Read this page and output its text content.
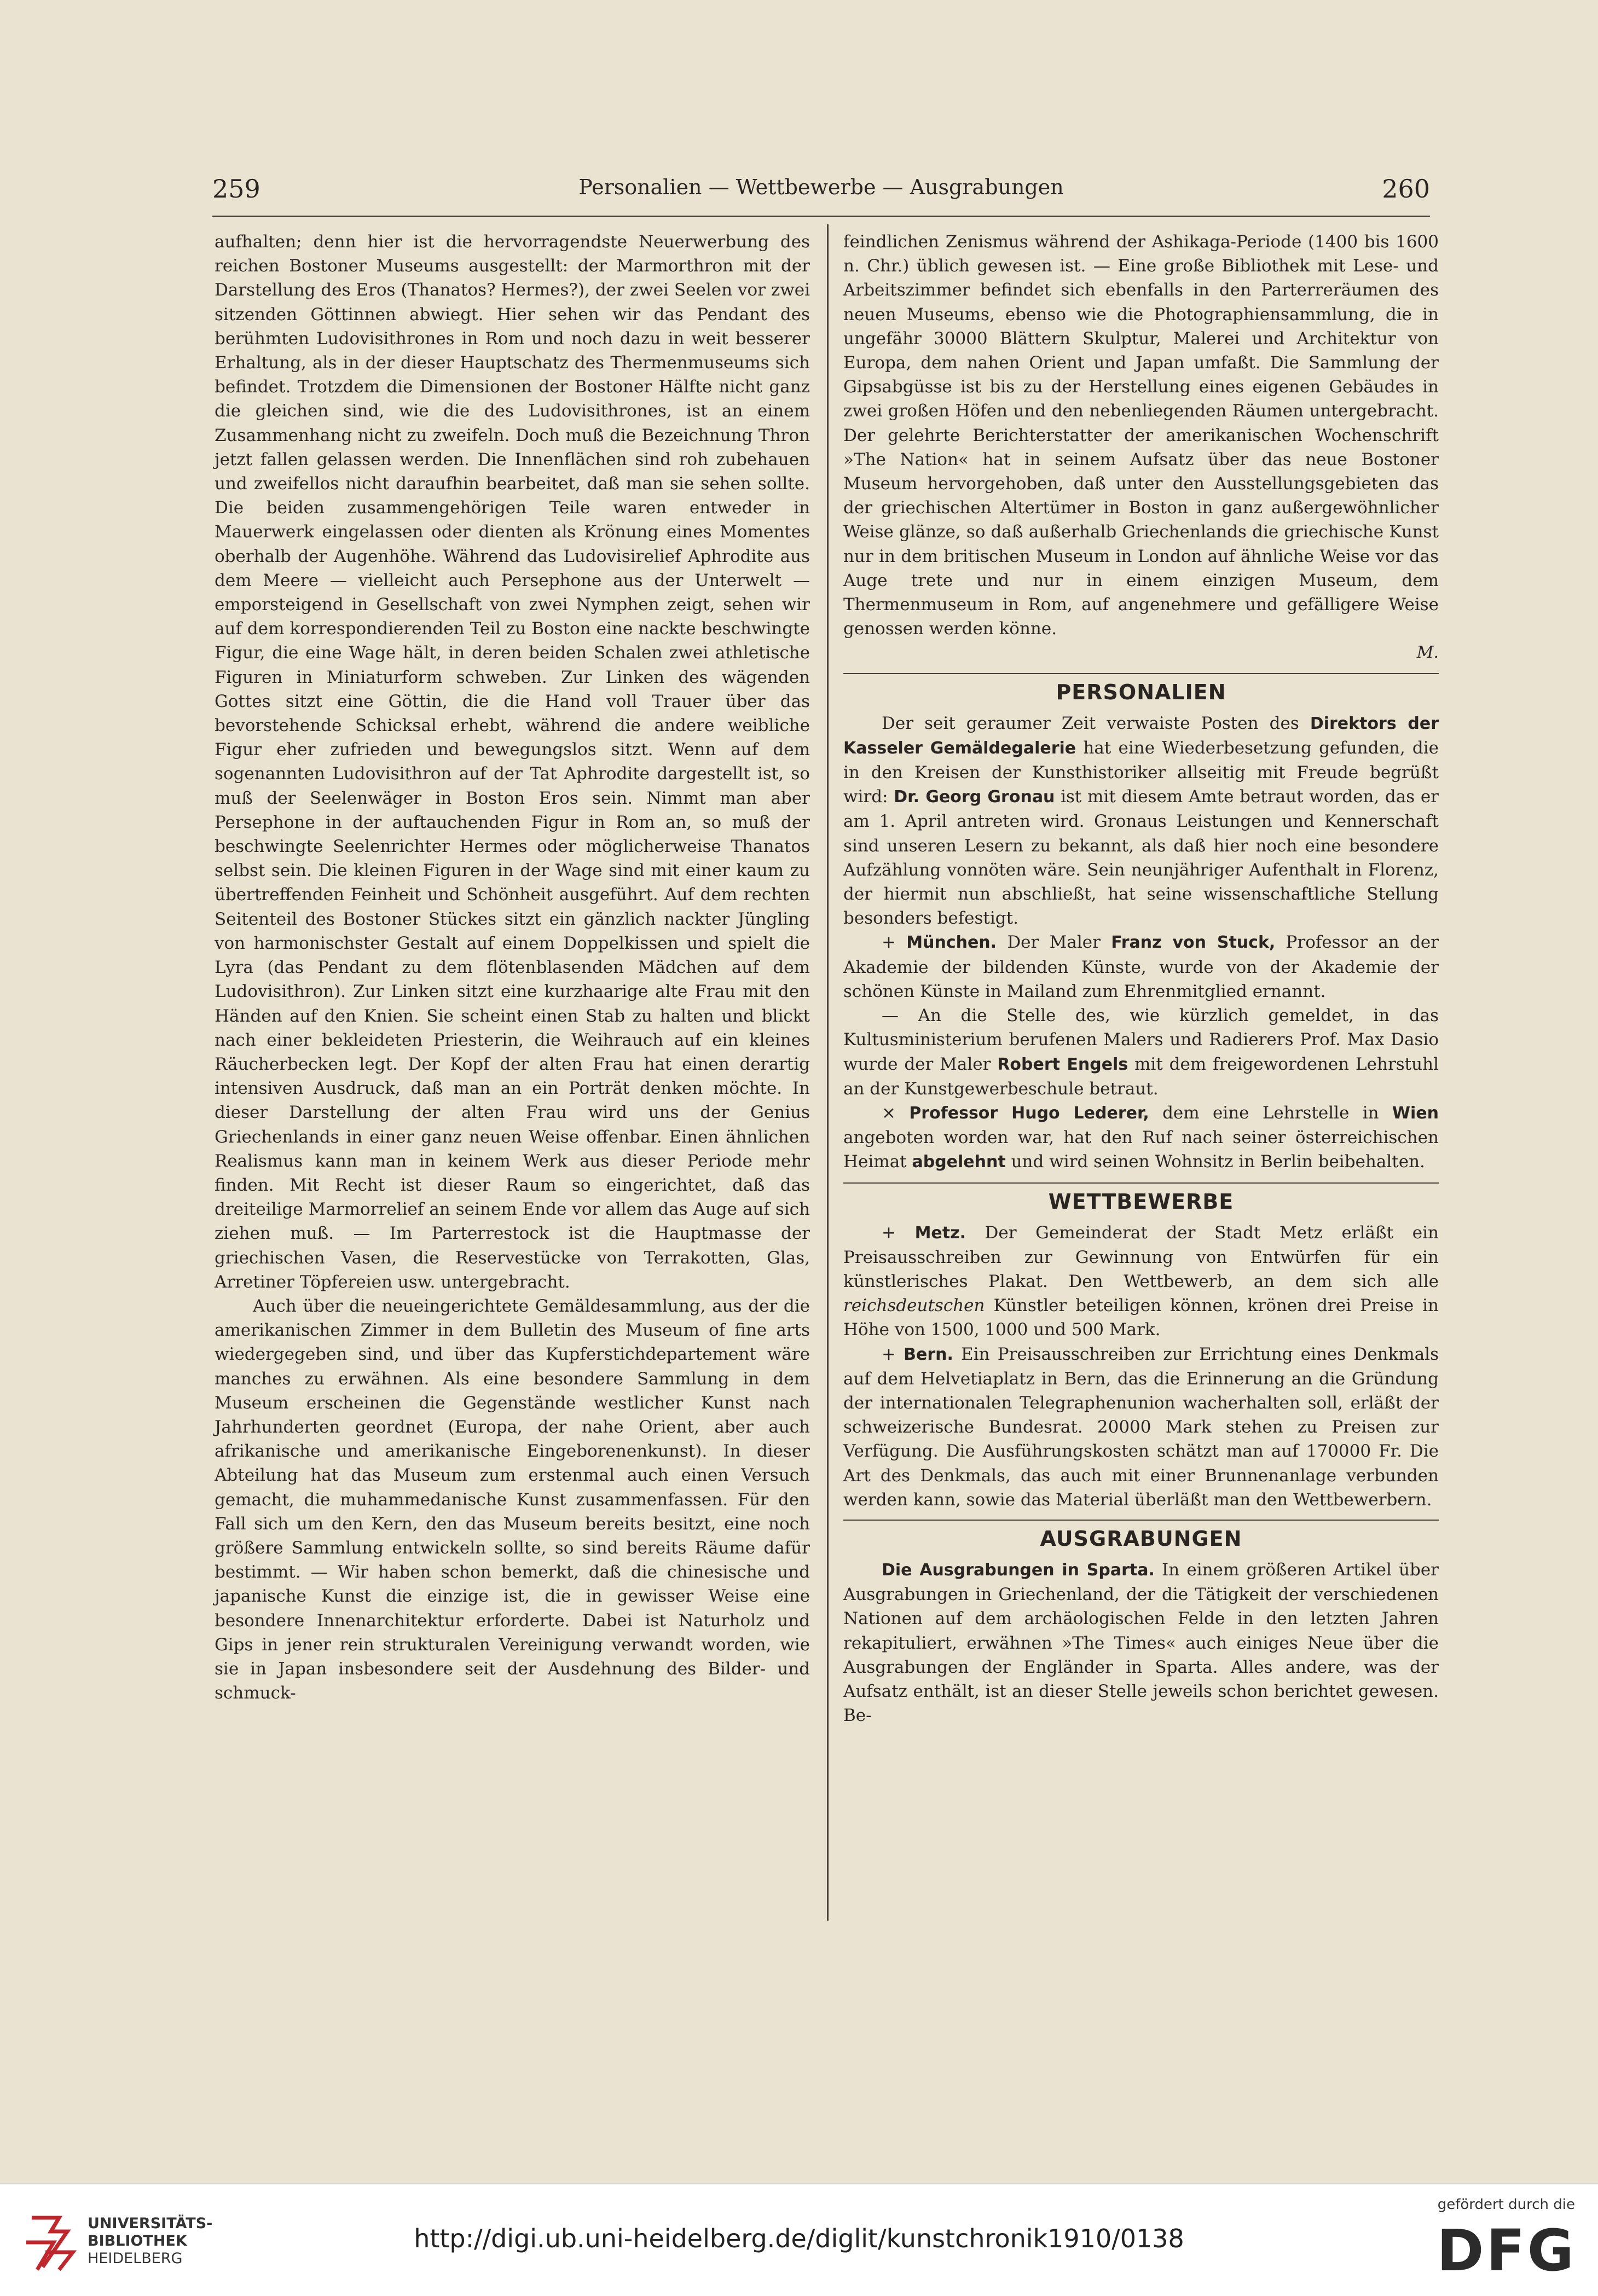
259	Personalien — Wettbewerbe — Ausgrabungen	260

aufhalten; denn hier ist die hervorragendste Neuerwerbung des reichen Bostoner Museums ausgestellt: der Marmorthron mit der Darstellung des Eros (Thanatos? Hermes?), der zwei Seelen vor zwei sitzenden Göttinnen abwiegt. Hier sehen wir das Pendant des berühmten Ludovisithrones in Rom und noch dazu in weit besserer Erhaltung, als in der dieser Hauptschatz des Thermenmuseums sich befindet. Trotzdem die Dimensionen der Bostoner Hälfte nicht ganz die gleichen sind, wie die des Ludovisithrones, ist an einem Zusammenhang nicht zu zweifeln. Doch muß die Bezeichnung Thron jetzt fallen gelassen werden. Die Innenflächen sind roh zubehauen und zweifellos nicht daraufhin bearbeitet, daß man sie sehen sollte. Die beiden zusammengehörigen Teile waren entweder in Mauerwerk eingelassen oder dienten als Krönung eines Momentes oberhalb der Augenhöhe. Während das Ludovisirelief Aphrodite aus dem Meere — vielleicht auch Persephone aus der Unterwelt — emporsteigend in Gesellschaft von zwei Nymphen zeigt, sehen wir auf dem korrespondierenden Teil zu Boston eine nackte beschwingte Figur, die eine Wage hält, in deren beiden Schalen zwei athletische Figuren in Miniaturform schweben. Zur Linken des wägenden Gottes sitzt eine Göttin, die die Hand voll Trauer über das bevorstehende Schicksal erhebt, während die andere weibliche Figur eher zufrieden und bewegungslos sitzt. Wenn auf dem sogenannten Ludovisithron auf der Tat Aphrodite dargestellt ist, so muß der Seelenwäger in Boston Eros sein. Nimmt man aber Persephone in der auftauchenden Figur in Rom an, so muß der beschwingte Seelenrichter Hermes oder möglicherweise Thanatos selbst sein. Die kleinen Figuren in der Wage sind mit einer kaum zu übertreffenden Feinheit und Schönheit ausgeführt. Auf dem rechten Seitenteil des Bostoner Stückes sitzt ein gänzlich nackter Jüngling von harmonischster Gestalt auf einem Doppelkissen und spielt die Lyra (das Pendant zu dem flötenblasenden Mädchen auf dem Ludovisithron). Zur Linken sitzt eine kurzhaarige alte Frau mit den Händen auf den Knien. Sie scheint einen Stab zu halten und blickt nach einer bekleideten Priesterin, die Weihrauch auf ein kleines Räucherbecken legt. Der Kopf der alten Frau hat einen derartig intensiven Ausdruck, daß man an ein Porträt denken möchte. In dieser Darstellung der alten Frau wird uns der Genius Griechenlands in einer ganz neuen Weise offenbar. Einen ähnlichen Realismus kann man in keinem Werk aus dieser Periode mehr finden. Mit Recht ist dieser Raum so eingerichtet, daß das dreiteilige Marmorrelief an seinem Ende vor allem das Auge auf sich ziehen muß. — Im Parterrestock ist die Hauptmasse der griechischen Vasen, die Reservestücke von Terrakotten, Glas, Arretiner Töpfereien usw. untergebracht.

Auch über die neueingerichtete Gemäldesammlung, aus der die amerikanischen Zimmer in dem Bulletin des Museum of fine arts wiedergegeben sind, und über das Kupferstichdepartement wäre manches zu erwähnen. Als eine besondere Sammlung in dem Museum erscheinen die Gegenstände westlicher Kunst nach Jahrhunderten geordnet (Europa, der nahe Orient, aber auch afrikanische und amerikanische Eingeborenenkunst). In dieser Abteilung hat das Museum zum erstenmal auch einen Versuch gemacht, die muhammedanische Kunst zusammenfassen. Für den Fall sich um den Kern, den das Museum bereits besitzt, eine noch größere Sammlung entwickeln sollte, so sind bereits Räume dafür bestimmt. — Wir haben schon bemerkt, daß die chinesische und japanische Kunst die einzige ist, die in gewisser Weise eine besondere Innenarchitektur erforderte. Dabei ist Naturholz und Gips in jener rein strukturalen Vereinigung verwandt worden, wie sie in Japan insbesondere seit der Ausdehnung des Bilder- und schmuck-

feindlichen Zenismus während der Ashikaga-Periode (1400 bis 1600 n. Chr.) üblich gewesen ist. — Eine große Bibliothek mit Lese- und Arbeitszimmer befindet sich ebenfalls in den Parterreräumen des neuen Museums, ebenso wie die Photographiensammlung, die in ungefähr 30000 Blättern Skulptur, Malerei und Architektur von Europa, dem nahen Orient und Japan umfaßt. Die Sammlung der Gipsabgüsse ist bis zu der Herstellung eines eigenen Gebäudes in zwei großen Höfen und den nebenliegenden Räumen untergebracht. Der gelehrte Berichterstatter der amerikanischen Wochenschrift »The Nation« hat in seinem Aufsatz über das neue Bostoner Museum hervorgehoben, daß unter den Ausstellungsgebieten das der griechischen Altertümer in Boston in ganz außergewöhnlicher Weise glänze, so daß außerhalb Griechenlands die griechische Kunst nur in dem britischen Museum in London auf ähnliche Weise vor das Auge trete und nur in einem einzigen Museum, dem Thermenmuseum in Rom, auf angenehmere und gefälligere Weise genossen werden könne.

M.

PERSONALIEN

Der seit geraumer Zeit verwaiste Posten des Direktors der Kasseler Gemäldegalerie hat eine Wiederbesetzung gefunden, die in den Kreisen der Kunsthistoriker allseitig mit Freude begrüßt wird: Dr. Georg Gronau ist mit diesem Amte betraut worden, das er am 1. April antreten wird. Gronaus Leistungen und Kennerschaft sind unseren Lesern zu bekannt, als daß hier noch eine besondere Aufzählung vonnöten wäre. Sein neunjähriger Aufenthalt in Florenz, der hiermit nun abschließt, hat seine wissenschaftliche Stellung besonders befestigt.

+ München. Der Maler Franz von Stuck, Professor an der Akademie der bildenden Künste, wurde von der Akademie der schönen Künste in Mailand zum Ehrenmitglied ernannt.

— An die Stelle des, wie kürzlich gemeldet, in das Kultusministerium berufenen Malers und Radierers Prof. Max Dasio wurde der Maler Robert Engels mit dem freigewordenen Lehrstuhl an der Kunstgewerbeschule betraut.

× Professor Hugo Lederer, dem eine Lehrstelle in Wien angeboten worden war, hat den Ruf nach seiner österreichischen Heimat abgelehnt und wird seinen Wohnsitz in Berlin beibehalten.

WETTBEWERBE

+ Metz. Der Gemeinderat der Stadt Metz erläßt ein Preisausschreiben zur Gewinnung von Entwürfen für ein künstlerisches Plakat. Den Wettbewerb, an dem sich alle reichsdeutschen Künstler beteiligen können, krönen drei Preise in Höhe von 1500, 1000 und 500 Mark.

+ Bern. Ein Preisausschreiben zur Errichtung eines Denkmals auf dem Helvetiaplatz in Bern, das die Erinnerung an die Gründung der internationalen Telegraphenunion wacherhalten soll, erläßt der schweizerische Bundesrat. 20000 Mark stehen zu Preisen zur Verfügung. Die Ausführungskosten schätzt man auf 170000 Fr. Die Art des Denkmals, das auch mit einer Brunnenanlage verbunden werden kann, sowie das Material überläßt man den Wettbewerbern.

AUSGRABUNGEN

Die Ausgrabungen in Sparta. In einem größeren Artikel über Ausgrabungen in Griechenland, der die Tätigkeit der verschiedenen Nationen auf dem archäologischen Felde in den letzten Jahren rekapituliert, erwähnen »The Times« auch einiges Neue über die Ausgrabungen der Engländer in Sparta. Alles andere, was der Aufsatz enthält, ist an dieser Stelle jeweils schon berichtet gewesen. Be-

UNIVERSITÄTS-
BIBLIOTHEK
HEIDELBERG
http://digi.ub.uni-heidelberg.de/diglit/kunstchronik1910/0138
gefördert durch die
DFG
